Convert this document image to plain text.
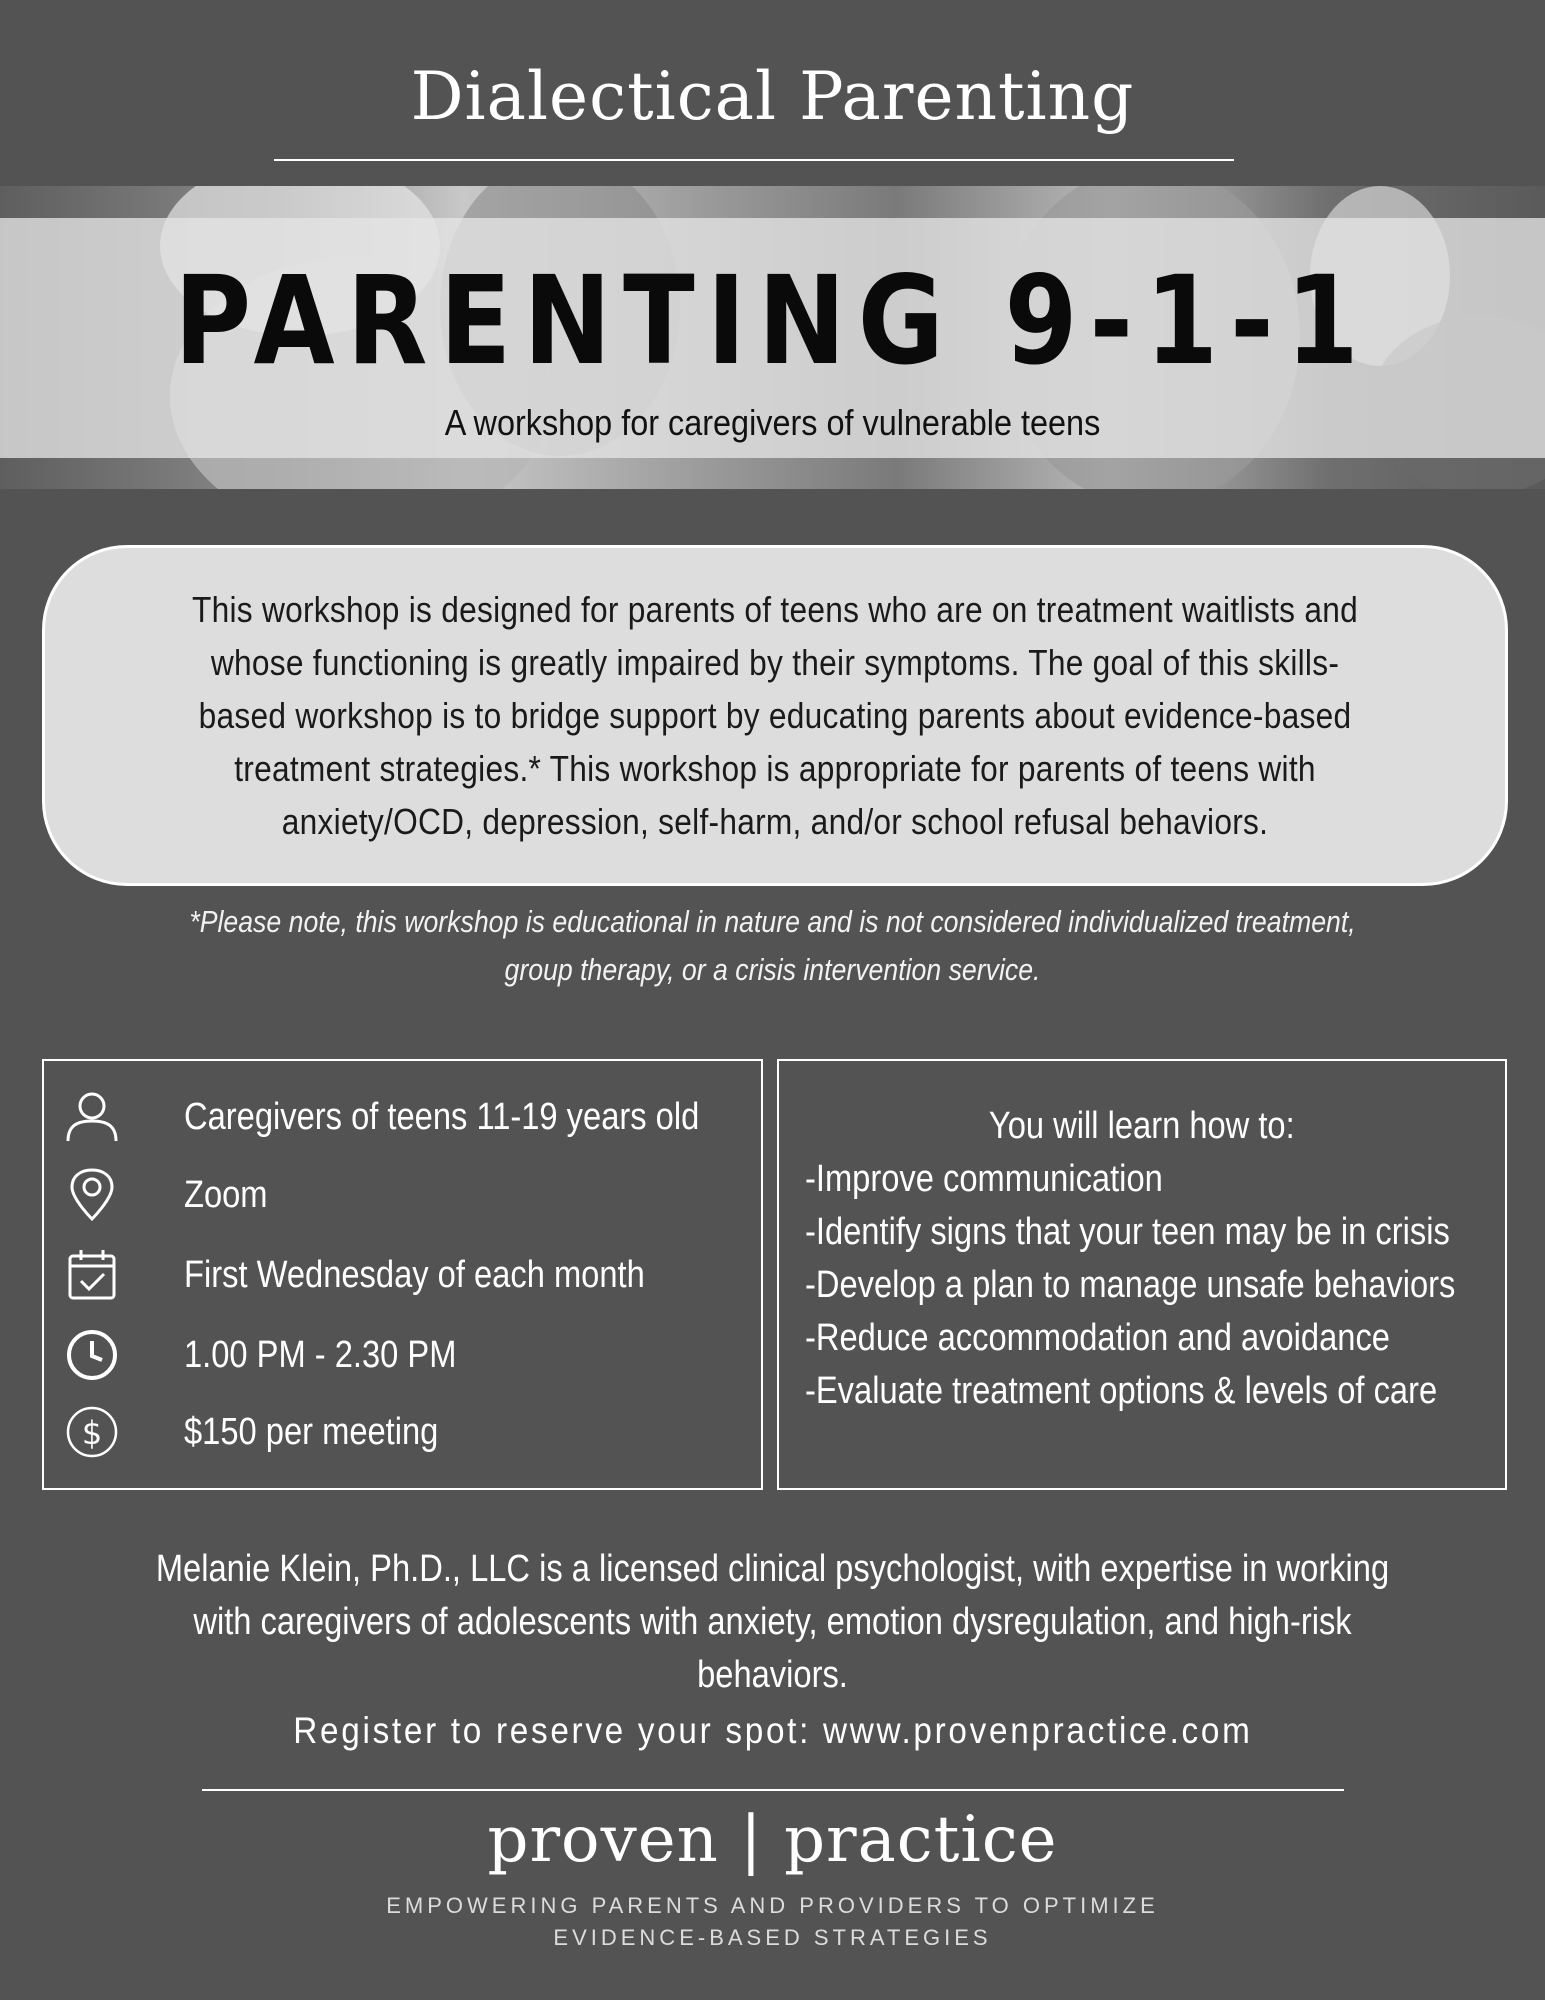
Dialectical Parenting
PARENTING 9-1-1
A workshop for caregivers of vulnerable teens
This workshop is designed for parents of teens who are on treatment waitlists and whose functioning is greatly impaired by their symptoms. The goal of this skills-based workshop is to bridge support by educating parents about evidence-based treatment strategies.* This workshop is appropriate for parents of teens with anxiety/OCD, depression, self-harm, and/or school refusal behaviors.
*Please note, this workshop is educational in nature and is not considered individualized treatment, group therapy, or a crisis intervention service.
Caregivers of teens 11-19 years old
Zoom
First Wednesday of each month
1.00 PM - 2.30 PM
$ $150 per meeting
You will learn how to:
-Improve communication
-Identify signs that your teen may be in crisis
-Develop a plan to manage unsafe behaviors
-Reduce accommodation and avoidance
-Evaluate treatment options & levels of care
Melanie Klein, Ph.D., LLC is a licensed clinical psychologist, with expertise in working with caregivers of adolescents with anxiety, emotion dysregulation, and high-risk behaviors.
Register to reserve your spot: www.provenpractice.com
proven | practice
EMPOWERING PARENTS AND PROVIDERS TO OPTIMIZE
EVIDENCE-BASED STRATEGIES
